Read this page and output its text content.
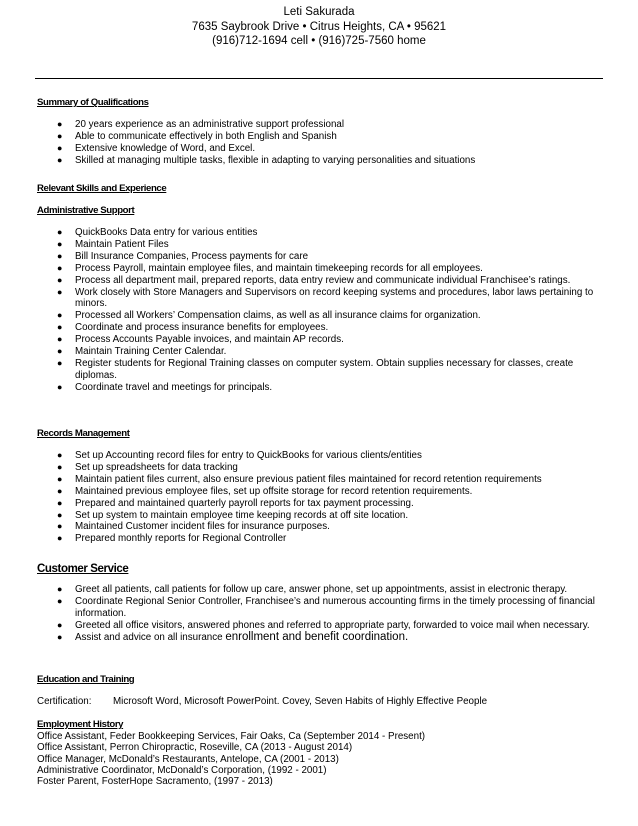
Leti Sakurada
7635 Saybrook Drive • Citrus Heights, CA • 95621
(916)712-1694 cell • (916)725-7560 home

Summary of Qualifications

● 20 years experience as an administrative support professional
● Able to communicate effectively in both English and Spanish
● Extensive knowledge of Word, and Excel.
● Skilled at managing multiple tasks, flexible in adapting to varying personalities and situations

Relevant Skills and Experience

Administrative Support

● QuickBooks Data entry for various entities
● Maintain Patient Files
● Bill Insurance Companies, Process payments for care
● Process Payroll, maintain employee files, and maintain timekeeping records for all employees.
● Process all department mail, prepared reports, data entry review and communicate individual Franchisee’s ratings.
● Work closely with Store Managers and Supervisors on record keeping systems and procedures, labor laws pertaining to minors.
● Processed all Workers’ Compensation claims, as well as all insurance claims for organization.
● Coordinate and process insurance benefits for employees.
● Process Accounts Payable invoices, and maintain AP records.
● Maintain Training Center Calendar.
● Register students for Regional Training classes on computer system. Obtain supplies necessary for classes, create diplomas.
● Coordinate travel and meetings for principals.

Records Management

● Set up Accounting record files for entry to QuickBooks for various clients/entities
● Set up spreadsheets for data tracking
● Maintain patient files current, also ensure previous patient files maintained for record retention requirements
● Maintained previous employee files, set up offsite storage for record retention requirements.
● Prepared and maintained quarterly payroll reports for tax payment processing.
● Set up system to maintain employee time keeping records at off site location.
● Maintained Customer incident files for insurance purposes.
● Prepared monthly reports for Regional Controller

Customer Service

● Greet all patients, call patients for follow up care, answer phone, set up appointments, assist in electronic therapy.
● Coordinate Regional Senior Controller, Franchisee’s and numerous accounting firms in the timely processing of financial information.
● Greeted all office visitors, answered phones and referred to appropriate party, forwarded to voice mail when necessary.
● Assist and advice on all insurance enrollment and benefit coordination.

Education and Training

Certification: Microsoft Word, Microsoft PowerPoint. Covey, Seven Habits of Highly Effective People

Employment History

Office Assistant, Feder Bookkeeping Services, Fair Oaks, Ca (September 2014 - Present)

Office Assistant, Perron Chiropractic, Roseville, CA (2013 - August 2014)

Office Manager, McDonald’s Restaurants, Antelope, CA (2001 - 2013)

Administrative Coordinator, McDonald’s Corporation, (1992 - 2001)

Foster Parent, FosterHope Sacramento, (1997 - 2013)
